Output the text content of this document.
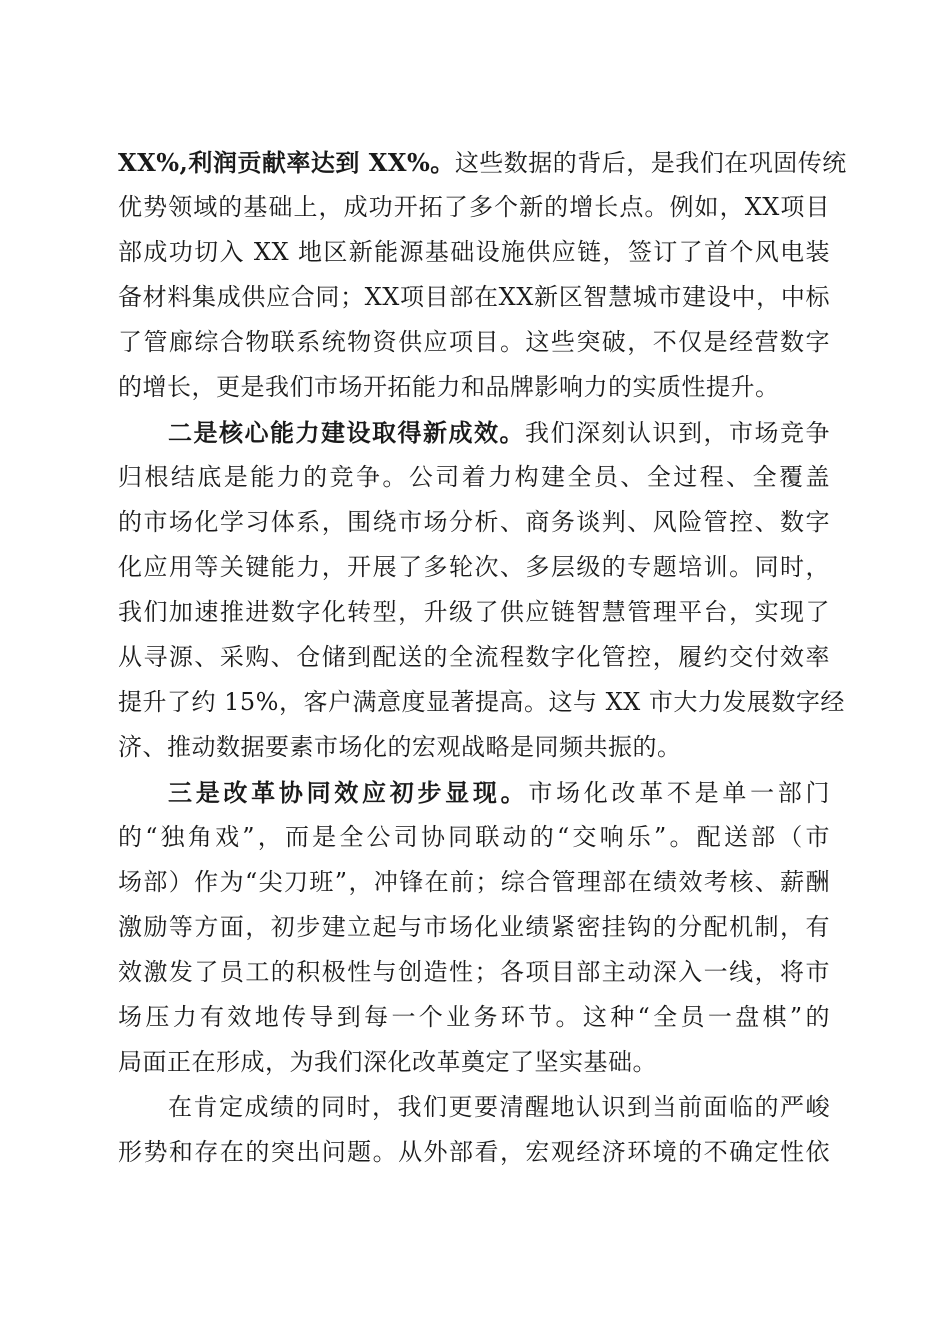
XX%,利润贡献率达到 XX%。这些数据的背后，是我们在巩固传统
优势领域的基础上，成功开拓了多个新的增长点。例如，XX项目
部成功切入 XX 地区新能源基础设施供应链，签订了首个风电装
备材料集成供应合同；XX项目部在XX新区智慧城市建设中，中标
了管廊综合物联系统物资供应项目。这些突破，不仅是经营数字
的增长，更是我们市场开拓能力和品牌影响力的实质性提升。
二是核心能力建设取得新成效。我们深刻认识到，市场竞争
归根结底是能力的竞争。公司着力构建全员、全过程、全覆盖
的市场化学习体系，围绕市场分析、商务谈判、风险管控、数字
化应用等关键能力，开展了多轮次、多层级的专题培训。同时，
我们加速推进数字化转型，升级了供应链智慧管理平台，实现了
从寻源、采购、仓储到配送的全流程数字化管控，履约交付效率
提升了约 15%，客户满意度显著提高。这与 XX 市大力发展数字经
济、推动数据要素市场化的宏观战略是同频共振的。
三是改革协同效应初步显现。市场化改革不是单一部门
的“独角戏”，而是全公司协同联动的“交响乐”。配送部（市
场部）作为“尖刀班”，冲锋在前；综合管理部在绩效考核、薪酬
激励等方面，初步建立起与市场化业绩紧密挂钩的分配机制，有
效激发了员工的积极性与创造性；各项目部主动深入一线，将市
场压力有效地传导到每一个业务环节。这种“全员一盘棋”的
局面正在形成，为我们深化改革奠定了坚实基础。
在肯定成绩的同时，我们更要清醒地认识到当前面临的严峻
形势和存在的突出问题。从外部看，宏观经济环境的不确定性依
